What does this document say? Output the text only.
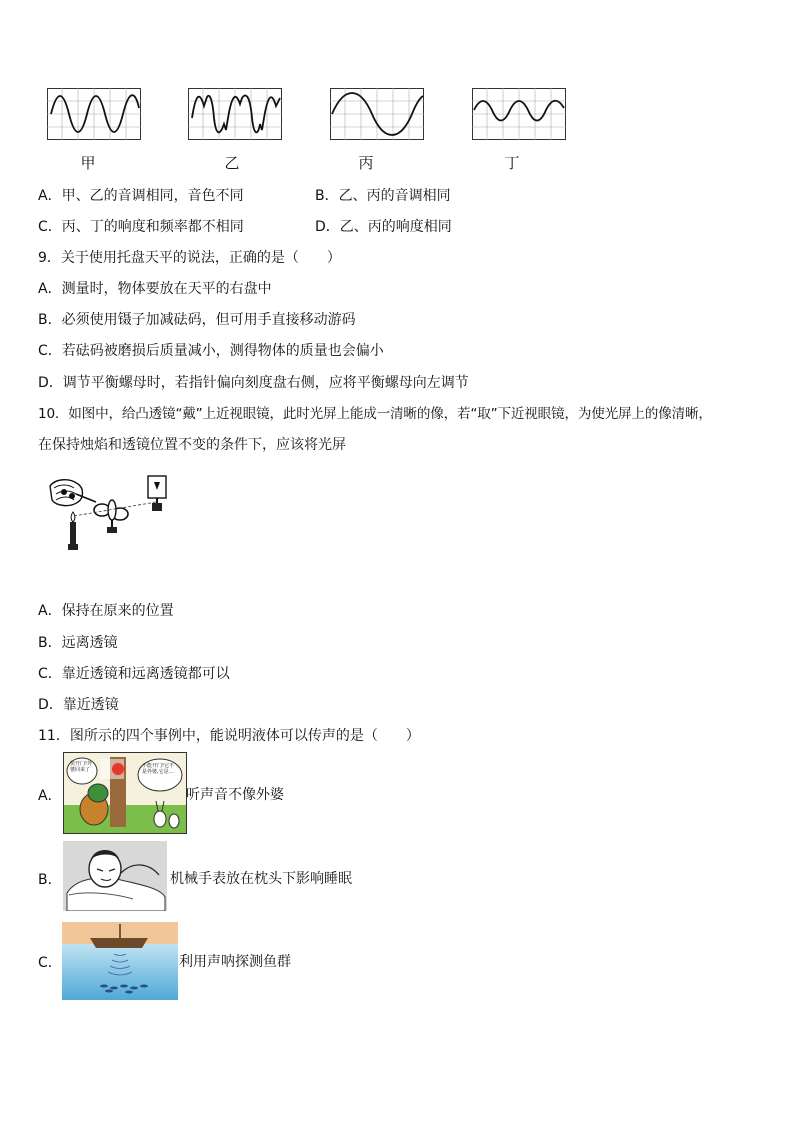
甲	乙	丙	丁
A．甲、乙的音调相同，音色不同	B．乙、丙的音调相同
C．丙、丁的响度和频率都不相同	D．乙、丙的响度相同
9．关于使用托盘天平的说法，正确的是（　　）
A．测量时，物体要放在天平的右盘中
B．必须使用镊子加减砝码，但可用手直接移动游码
C．若砝码被磨损后质量减小，测得物体的质量也会偏小
D．调节平衡螺母时，若指针偏向刻度盘右侧，应将平衡螺母向左调节
10．如图中，给凸透镜“戴”上近视眼镜，此时光屏上能成一清晰的像，若“取”下近视眼镜，为使光屏上的像清晰，
在保持烛焰和透镜位置不变的条件下，应该将光屏
A．保持在原来的位置
B．远离透镜
C．靠近透镜和远离透镜都可以
D．靠近透镜
11．图所示的四个事例中，能说明液体可以传声的是（　　）
A．
快开门!外婆回来了
不能开门!它不是外婆,它是…
听声音不像外婆
B．	机械手表放在枕头下影响睡眠
C．	利用声呐探测鱼群
